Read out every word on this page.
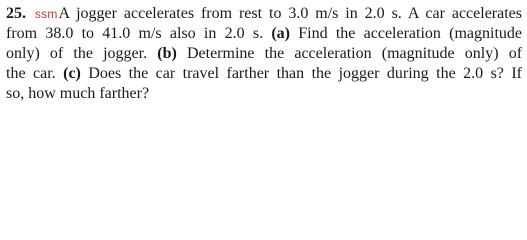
25. ssmA jogger accelerates from rest to 3.0 m/s in 2.0 s. A car accelerates
from 38.0 to 41.0 m/s also in 2.0 s. (a) Find the acceleration (magnitude
only) of the jogger. (b) Determine the acceleration (magnitude only) of
the car. (c) Does the car travel farther than the jogger during the 2.0 s? If
so, how much farther?
